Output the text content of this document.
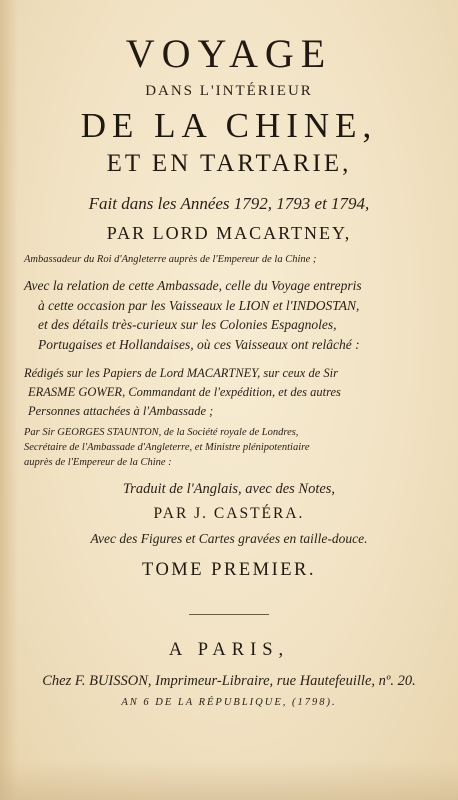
VOYAGE
DANS L'INTÉRIEUR
DE LA CHINE,
ET EN TARTARIE,
Fait dans les Années 1792, 1793 et 1794,
PAR LORD MACARTNEY,
Ambassadeur du Roi d'Angleterre auprès de l'Empereur de la Chine ;
Avec la relation de cette Ambassade, celle du Voyage entrepris
à cette occasion par les Vaisseaux le LION et l'INDOSTAN,
et des détails très-curieux sur les Colonies Espagnoles,
Portugaises et Hollandaises, où ces Vaisseaux ont relâché :
Rédigés sur les Papiers de Lord MACARTNEY, sur ceux de Sir
ERASME GOWER, Commandant de l'expédition, et des autres
Personnes attachées à l'Ambassade ;
Par Sir GEORGES STAUNTON, de la Société royale de Londres,
Secrétaire de l'Ambassade d'Angleterre, et Ministre plénipotentiaire
auprès de l'Empereur de la Chine :
Traduit de l'Anglais, avec des Notes,
PAR J. CASTÉRA.
Avec des Figures et Cartes gravées en taille-douce.
TOME PREMIER.
A PARIS,
Chez F. BUISSON, Imprimeur-Libraire, rue Hautefeuille, nº. 20.
AN 6 DE LA RÉPUBLIQUE, (1798).
